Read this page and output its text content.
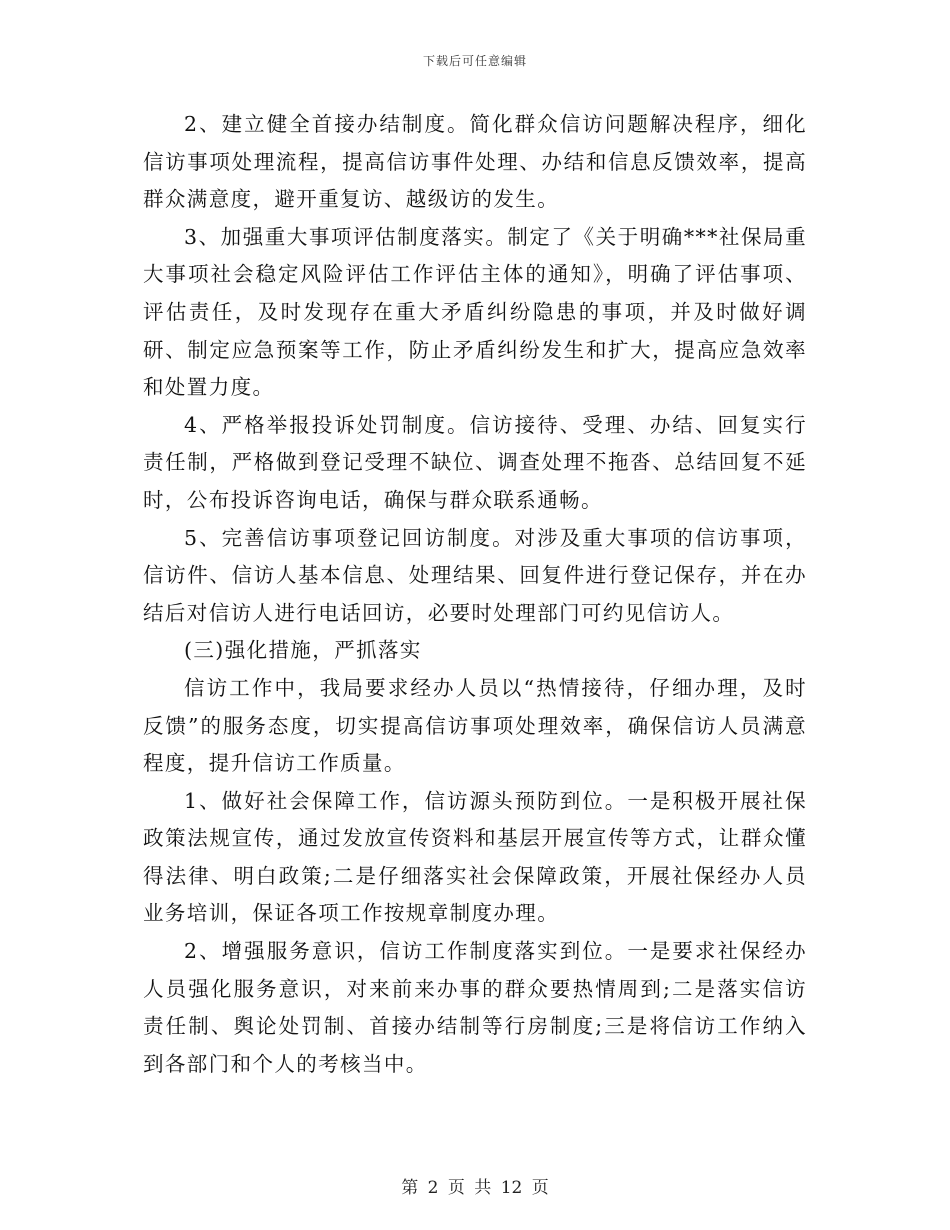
下载后可任意编辑

2、建立健全首接办结制度。简化群众信访问题解决程序，细化信访事项处理流程，提高信访事件处理、办结和信息反馈效率，提高群众满意度，避开重复访、越级访的发生。

3、加强重大事项评估制度落实。制定了《关于明确***社保局重大事项社会稳定风险评估工作评估主体的通知》，明确了评估事项、评估责任，及时发现存在重大矛盾纠纷隐患的事项，并及时做好调研、制定应急预案等工作，防止矛盾纠纷发生和扩大，提高应急效率和处置力度。

4、严格举报投诉处罚制度。信访接待、受理、办结、回复实行责任制，严格做到登记受理不缺位、调查处理不拖沓、总结回复不延时，公布投诉咨询电话，确保与群众联系通畅。

5、完善信访事项登记回访制度。对涉及重大事项的信访事项，信访件、信访人基本信息、处理结果、回复件进行登记保存，并在办结后对信访人进行电话回访，必要时处理部门可约见信访人。

(三)强化措施，严抓落实

信访工作中，我局要求经办人员以“热情接待，仔细办理，及时反馈”的服务态度，切实提高信访事项处理效率，确保信访人员满意程度，提升信访工作质量。

1、做好社会保障工作，信访源头预防到位。一是积极开展社保政策法规宣传，通过发放宣传资料和基层开展宣传等方式，让群众懂得法律、明白政策;二是仔细落实社会保障政策，开展社保经办人员业务培训，保证各项工作按规章制度办理。

2、增强服务意识，信访工作制度落实到位。一是要求社保经办人员强化服务意识，对来前来办事的群众要热情周到;二是落实信访责任制、舆论处罚制、首接办结制等行房制度;三是将信访工作纳入到各部门和个人的考核当中。

第 2 页 共 12 页
